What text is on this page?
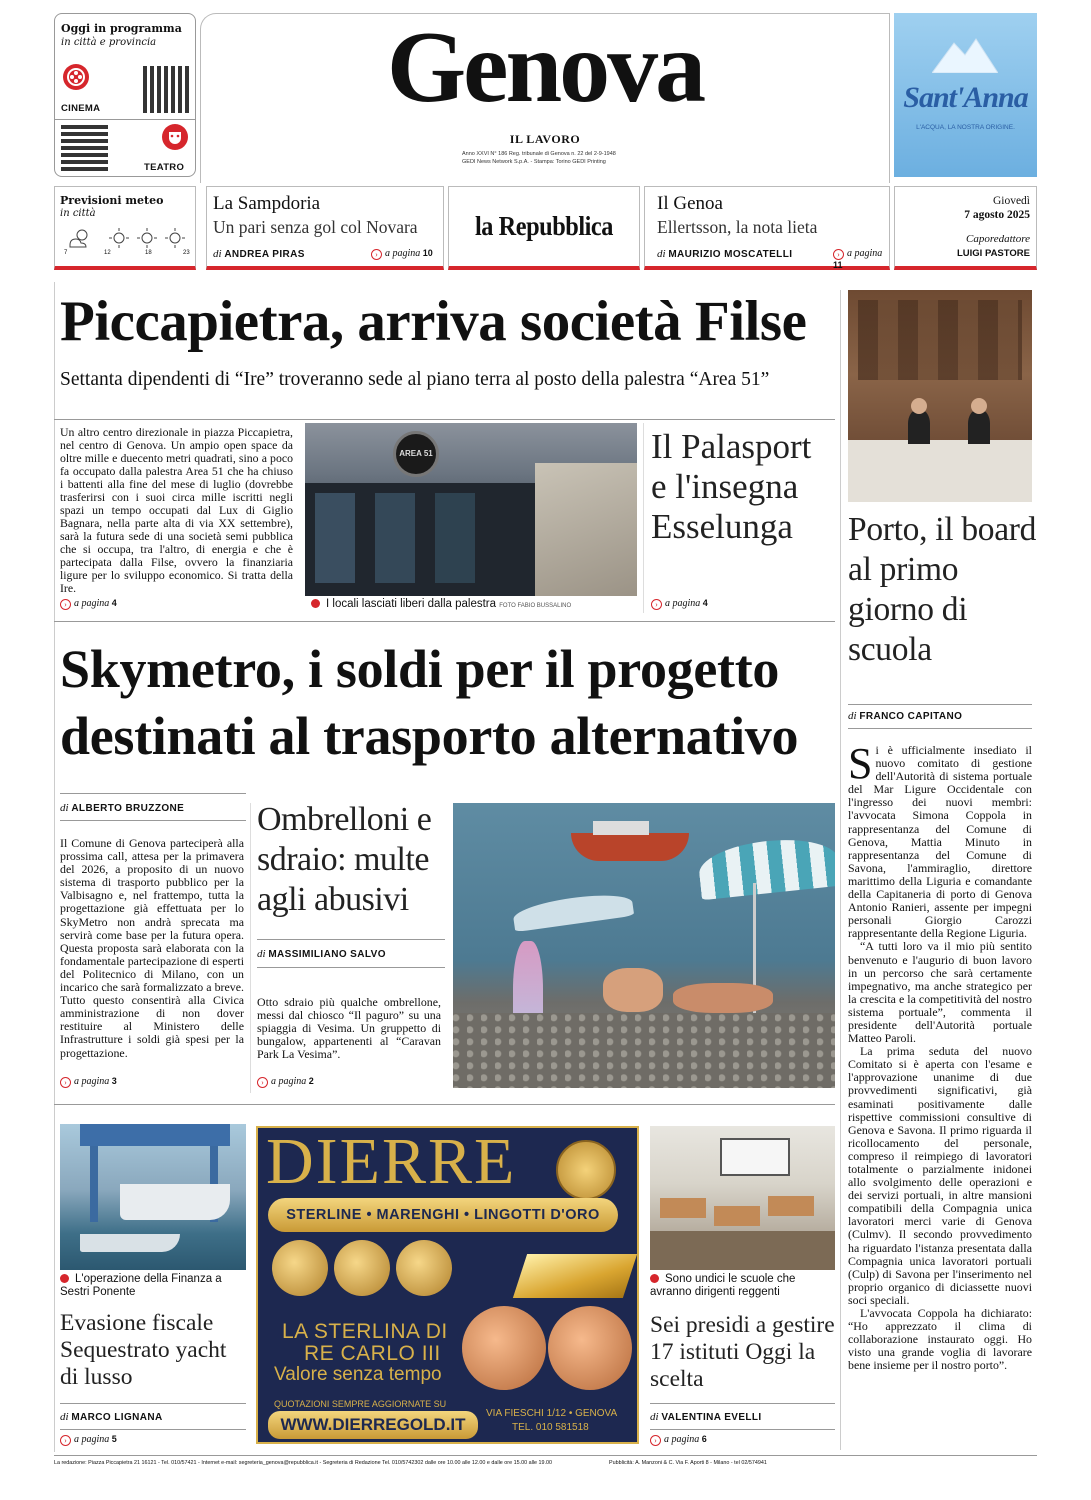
Oggi in programma
in città e provincia
CINEMA
TEATRO
Genova
IL LAVORO
Anno XXVI N° 186 Reg. tribunale di Genova n. 22 del 2-9-1948
GEDI News Network S.p.A. - Stampa: Torino GEDI Printing
Sant'Anna
L'ACQUA, LA NOSTRA ORIGINE.
Previsioni meteo
in città
7	12	18	23
La Sampdoria
Un pari senza gol col Novara
di ANDREA PIRAS	› a pagina 10
la Repubblica
Il Genoa
Ellertsson, la nota lieta
di MAURIZIO MOSCATELLI	› a pagina 11
Giovedì
7 agosto 2025
Caporedattore
LUIGI PASTORE
Piccapietra, arriva società Filse
Settanta dipendenti di “Ire” troveranno sede al piano terra al posto della palestra “Area 51”
Un altro centro direzionale in piazza Piccapietra, nel centro di Genova. Un ampio open space da oltre mille e duecento metri quadrati, sino a poco fa occupato dalla palestra Area 51 che ha chiuso i battenti alla fine del mese di luglio (dovrebbe trasferirsi con i suoi circa mille iscritti negli spazi un tempo occupati dal Lux di Giglio Bagnara, nella parte alta di via XX settembre), sarà la futura sede di una società semi pubblica che si occupa, tra l'altro, di energia e che è partecipata dalla Filse, ovvero la finanziaria ligure per lo sviluppo economico. Si tratta della Ire.
› a pagina 4
AREA 51
I locali lasciati liberi dalla palestra FOTO FABIO BUSSALINO
Il Palasport e l'insegna Esselunga
› a pagina 4
Skymetro, i soldi per il progetto destinati al trasporto alternativo
di ALBERTO BRUZZONE
Il Comune di Genova parteciperà alla prossima call, attesa per la primavera del 2026, a proposito di un nuovo sistema di trasporto pubblico per la Valbisagno e, nel frattempo, tutta la progettazione già effettuata per lo SkyMetro non andrà sprecata ma servirà come base per la futura opera. Questa proposta sarà elaborata con la fondamentale partecipazione di esperti del Politecnico di Milano, con un incarico che sarà formalizzato a breve. Tutto questo consentirà alla Civica amministrazione di non dover restituire al Ministero delle Infrastrutture i soldi già spesi per la progettazione.
› a pagina 3
Ombrelloni e sdraio: multe agli abusivi
di MASSIMILIANO SALVO
Otto sdraio più qualche ombrellone, messi dal chiosco “Il paguro” su una spiaggia di Vesima. Un gruppetto di bungalow, appartenenti al “Caravan Park La Vesima”.
› a pagina 2
L'operazione della Finanza a Sestri Ponente
Evasione fiscale Sequestrato yacht di lusso
di MARCO LIGNANA
› a pagina 5
DIERRE
STERLINE • MARENGHI • LINGOTTI D'ORO
LA STERLINA DI
RE CARLO III
Valore senza tempo
QUOTAZIONI SEMPRE AGGIORNATE SU
WWW.DIERREGOLD.IT
VIA FIESCHI 1/12 • GENOVA
TEL. 010 581518
Sono undici le scuole che avranno dirigenti reggenti
Sei presidi a gestire 17 istituti Oggi la scelta
di VALENTINA EVELLI
› a pagina 6
Porto, il board al primo giorno di scuola
di FRANCO CAPITANO
Si è ufficialmente insediato il nuovo comitato di gestione dell'Autorità di sistema portuale del Mar Ligure Occidentale con l'ingresso dei nuovi membri: l'avvocata Simona Coppola in rappresentanza del Comune di Genova, Mattia Minuto in rappresentanza del Comune di Savona, l'ammiraglio, direttore marittimo della Liguria e comandante della Capitaneria di porto di Genova Antonio Ranieri, assente per impegni personali Giorgio Carozzi rappresentante della Regione Liguria.
“A tutti loro va il mio più sentito benvenuto e l'augurio di buon lavoro in un percorso che sarà certamente impegnativo, ma anche strategico per la crescita e la competitività del nostro sistema portuale”, commenta il presidente dell'Autorità portuale Matteo Paroli.
La prima seduta del nuovo Comitato si è aperta con l'esame e l'approvazione unanime di due provvedimenti significativi, già esaminati positivamente dalle rispettive commissioni consultive di Genova e Savona. Il primo riguarda il ricollocamento del personale, compreso il reimpiego di lavoratori totalmente o parzialmente inidonei allo svolgimento delle operazioni e dei servizi portuali, in altre mansioni compatibili della Compagnia unica lavoratori merci varie di Genova (Culmv). Il secondo provvedimento ha riguardato l'istanza presentata dalla Compagnia unica lavoratori portuali (Culp) di Savona per l'inserimento nel proprio organico di diciassette nuovi soci speciali.
L'avvocata Coppola ha dichiarato: “Ho apprezzato il clima di collaborazione instaurato oggi. Ho visto una grande voglia di lavorare bene insieme per il nostro porto”.
La redazione: Piazza Piccapietra 21 16121 - Tel. 010/57421 - Internet e-mail: segreteria_genova@repubblica.it - Segreteria di Redazione Tel. 010/5742302 dalle ore 10.00 alle 12.00 e dalle ore 15.00 alle 19.00	Pubblicità: A. Manzoni & C. Via F. Aporti 8 - Milano - tel 02/574941
